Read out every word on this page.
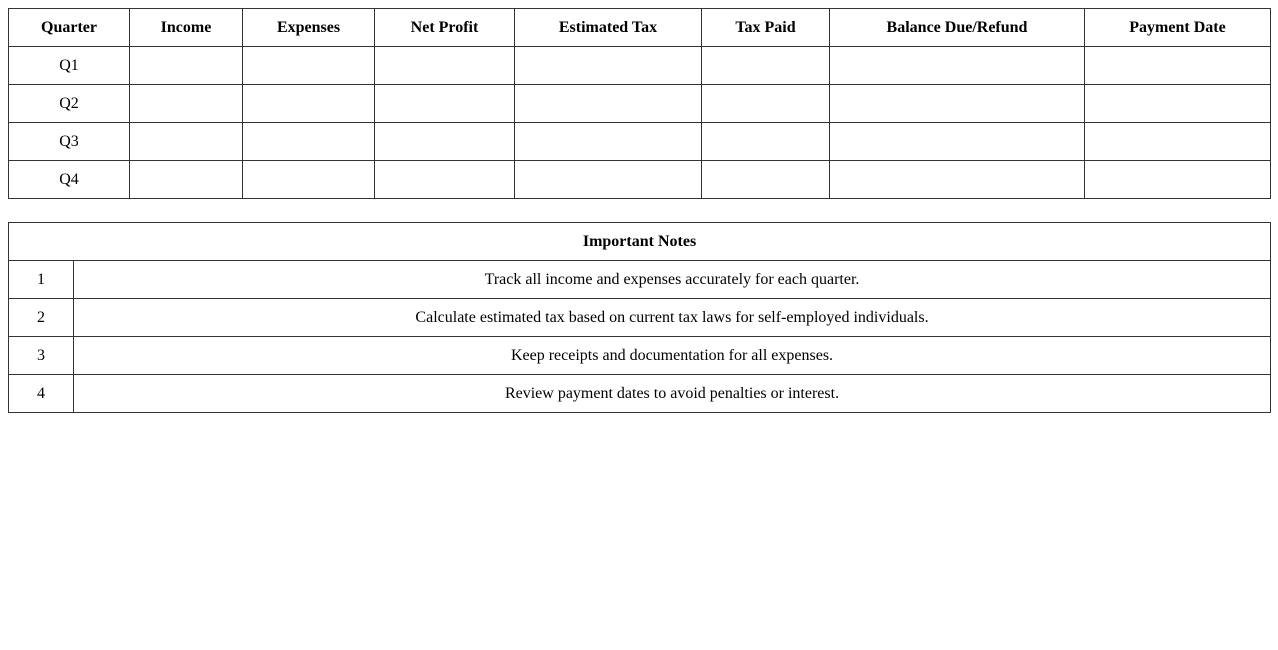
Quarter	Income	Expenses	Net Profit	Estimated Tax	Tax Paid	Balance Due/Refund	Payment Date
Q1							
Q2							
Q3							
Q4							
Important Notes	
1	Track all income and expenses accurately for each quarter.
2	Calculate estimated tax based on current tax laws for self-employed individuals.
3	Keep receipts and documentation for all expenses.
4	Review payment dates to avoid penalties or interest.
